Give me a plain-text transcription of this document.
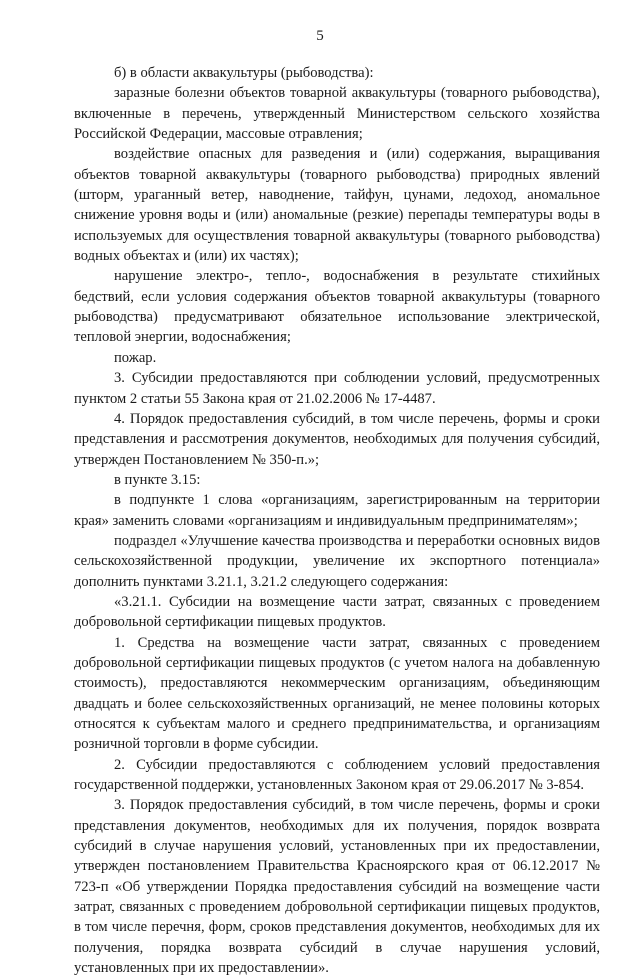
5

б) в области аквакультуры (рыбоводства):

заразные болезни объектов товарной аквакультуры (товарного рыбоводства), включенные в перечень, утвержденный Министерством сельского хозяйства Российской Федерации, массовые отравления;

воздействие опасных для разведения и (или) содержания, выращивания объектов товарной аквакультуры (товарного рыбоводства) природных явлений (шторм, ураганный ветер, наводнение, тайфун, цунами, ледоход, аномальное снижение уровня воды и (или) аномальные (резкие) перепады температуры воды в используемых для осуществления товарной аквакультуры (товарного рыбоводства) водных объектах и (или) их частях);

нарушение электро-, тепло-, водоснабжения в результате стихийных бедствий, если условия содержания объектов товарной аквакультуры (товарного рыбоводства) предусматривают обязательное использование электрической, тепловой энергии, водоснабжения;

пожар.

3. Субсидии предоставляются при соблюдении условий, предусмотренных пунктом 2 статьи 55 Закона края от 21.02.2006 № 17-4487.

4. Порядок предоставления субсидий, в том числе перечень, формы и сроки представления и рассмотрения документов, необходимых для получения субсидий, утвержден Постановлением № 350-п.»;

в пункте 3.15:

в подпункте 1 слова «организациям, зарегистрированным на территории края» заменить словами «организациям и индивидуальным предпринимателям»;

подраздел «Улучшение качества производства и переработки основных видов сельскохозяйственной продукции, увеличение их экспортного потенциала» дополнить пунктами 3.21.1, 3.21.2 следующего содержания:

«3.21.1. Субсидии на возмещение части затрат, связанных с проведением добровольной сертификации пищевых продуктов.

1. Средства на возмещение части затрат, связанных с проведением добровольной сертификации пищевых продуктов (с учетом налога на добавленную стоимость), предоставляются некоммерческим организациям, объединяющим двадцать и более сельскохозяйственных организаций, не менее половины которых относятся к субъектам малого и среднего предпринимательства, и организациям розничной торговли в форме субсидии.

2. Субсидии предоставляются с соблюдением условий предоставления государственной поддержки, установленных Законом края от 29.06.2017 № 3-854.

3. Порядок предоставления субсидий, в том числе перечень, формы и сроки представления документов, необходимых для их получения, порядок возврата субсидий в случае нарушения условий, установленных при их предоставлении, утвержден постановлением Правительства Красноярского края от 06.12.2017 № 723-п «Об утверждении Порядка предоставления субсидий на возмещение части затрат, связанных с проведением добровольной сертификации пищевых продуктов, в том числе перечня, форм, сроков представления документов, необходимых для их получения, порядка возврата субсидий в случае нарушения условий, установленных при их предоставлении».
